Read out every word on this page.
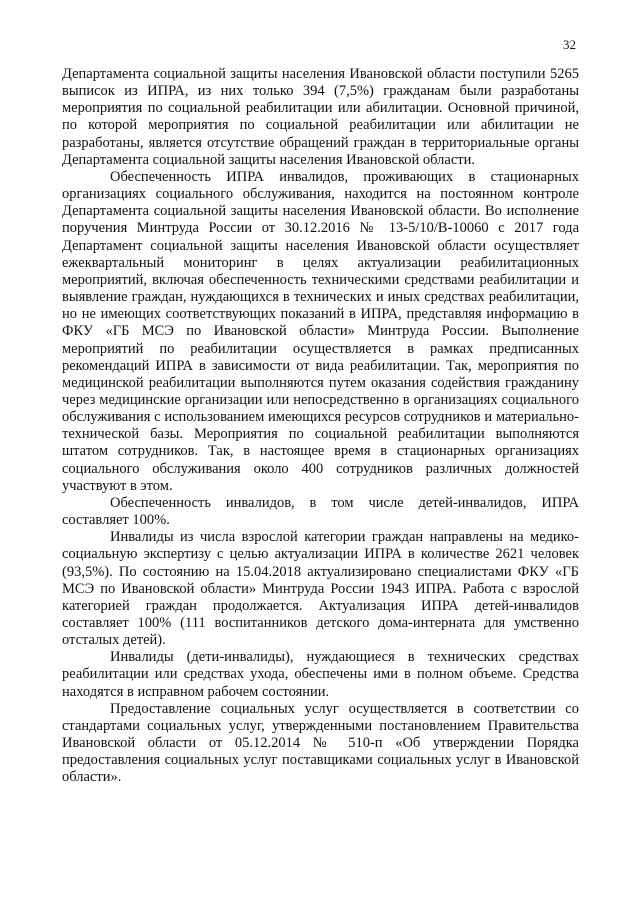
32

Департамента социальной защиты населения Ивановской области поступили 5265 выписок из ИПРА, из них только 394 (7,5%) гражданам были разработаны мероприятия по социальной реабилитации или абилитации. Основной причиной, по которой мероприятия по социальной реабилитации или абилитации не разработаны, является отсутствие обращений граждан в территориальные органы Департамента социальной защиты населения Ивановской области.

Обеспеченность ИПРА инвалидов, проживающих в стационарных организациях социального обслуживания, находится на постоянном контроле Департамента социальной защиты населения Ивановской области. Во исполнение поручения Минтруда России от 30.12.2016 № 13-5/10/В-10060 с 2017 года Департамент социальной защиты населения Ивановской области осуществляет ежеквартальный мониторинг в целях актуализации реабилитационных мероприятий, включая обеспеченность техническими средствами реабилитации и выявление граждан, нуждающихся в технических и иных средствах реабилитации, но не имеющих соответствующих показаний в ИПРА, представляя информацию в ФКУ «ГБ МСЭ по Ивановской области» Минтруда России. Выполнение мероприятий по реабилитации осуществляется в рамках предписанных рекомендаций ИПРА в зависимости от вида реабилитации. Так, мероприятия по медицинской реабилитации выполняются путем оказания содействия гражданину через медицинские организации или непосредственно в организациях социального обслуживания с использованием имеющихся ресурсов сотрудников и материально-технической базы. Мероприятия по социальной реабилитации выполняются штатом сотрудников. Так, в настоящее время в стационарных организациях социального обслуживания около 400 сотрудников различных должностей участвуют в этом.

Обеспеченность инвалидов, в том числе детей-инвалидов, ИПРА составляет 100%.

Инвалиды из числа взрослой категории граждан направлены на медико-социальную экспертизу с целью актуализации ИПРА в количестве 2621 человек (93,5%). По состоянию на 15.04.2018 актуализировано специалистами ФКУ «ГБ МСЭ по Ивановской области» Минтруда России 1943 ИПРА. Работа с взрослой категорией граждан продолжается. Актуализация ИПРА детей-инвалидов составляет 100% (111 воспитанников детского дома-интерната для умственно отсталых детей).

Инвалиды (дети-инвалиды), нуждающиеся в технических средствах реабилитации или средствах ухода, обеспечены ими в полном объеме. Средства находятся в исправном рабочем состоянии.

Предоставление социальных услуг осуществляется в соответствии со стандартами социальных услуг, утвержденными постановлением Правительства Ивановской области от 05.12.2014 № 510-п «Об утверждении Порядка предоставления социальных услуг поставщиками социальных услуг в Ивановской области».
